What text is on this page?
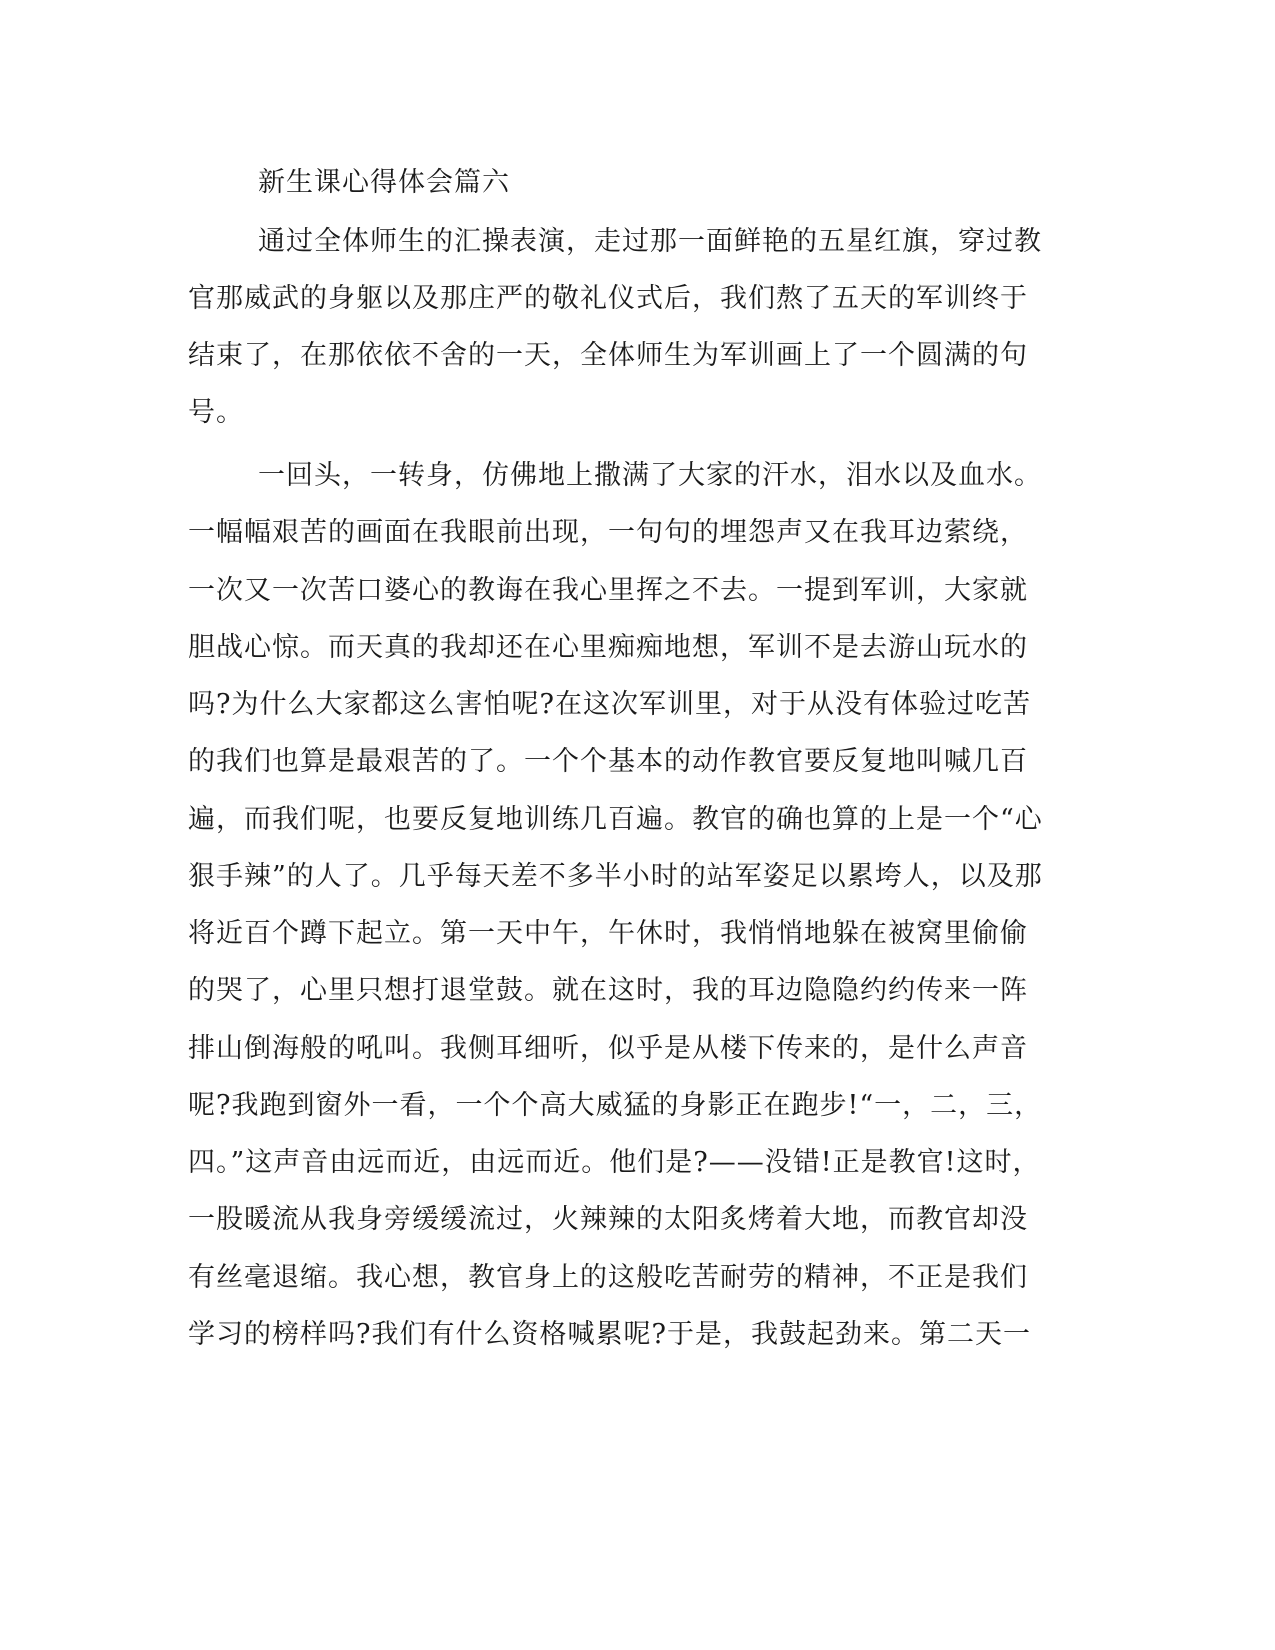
新生课心得体会篇六
通过全体师生的汇操表演，走过那一面鲜艳的五星红旗，穿过教
官那威武的身躯以及那庄严的敬礼仪式后，我们熬了五天的军训终于
结束了，在那依依不舍的一天，全体师生为军训画上了一个圆满的句
号。
一回头，一转身，仿佛地上撒满了大家的汗水，泪水以及血水。
一幅幅艰苦的画面在我眼前出现，一句句的埋怨声又在我耳边萦绕，
一次又一次苦口婆心的教诲在我心里挥之不去。一提到军训，大家就
胆战心惊。而天真的我却还在心里痴痴地想，军训不是去游山玩水的
吗?为什么大家都这么害怕呢?在这次军训里，对于从没有体验过吃苦
的我们也算是最艰苦的了。一个个基本的动作教官要反复地叫喊几百
遍，而我们呢，也要反复地训练几百遍。教官的确也算的上是一个“心
狠手辣”的人了。几乎每天差不多半小时的站军姿足以累垮人，以及那
将近百个蹲下起立。第一天中午，午休时，我悄悄地躲在被窝里偷偷
的哭了，心里只想打退堂鼓。就在这时，我的耳边隐隐约约传来一阵
排山倒海般的吼叫。我侧耳细听，似乎是从楼下传来的，是什么声音
呢?我跑到窗外一看，一个个高大威猛的身影正在跑步!“一，二，三，
四。”这声音由远而近，由远而近。他们是?——没错!正是教官!这时，
一股暖流从我身旁缓缓流过，火辣辣的太阳炙烤着大地，而教官却没
有丝毫退缩。我心想，教官身上的这般吃苦耐劳的精神，不正是我们
学习的榜样吗?我们有什么资格喊累呢?于是，我鼓起劲来。第二天一
